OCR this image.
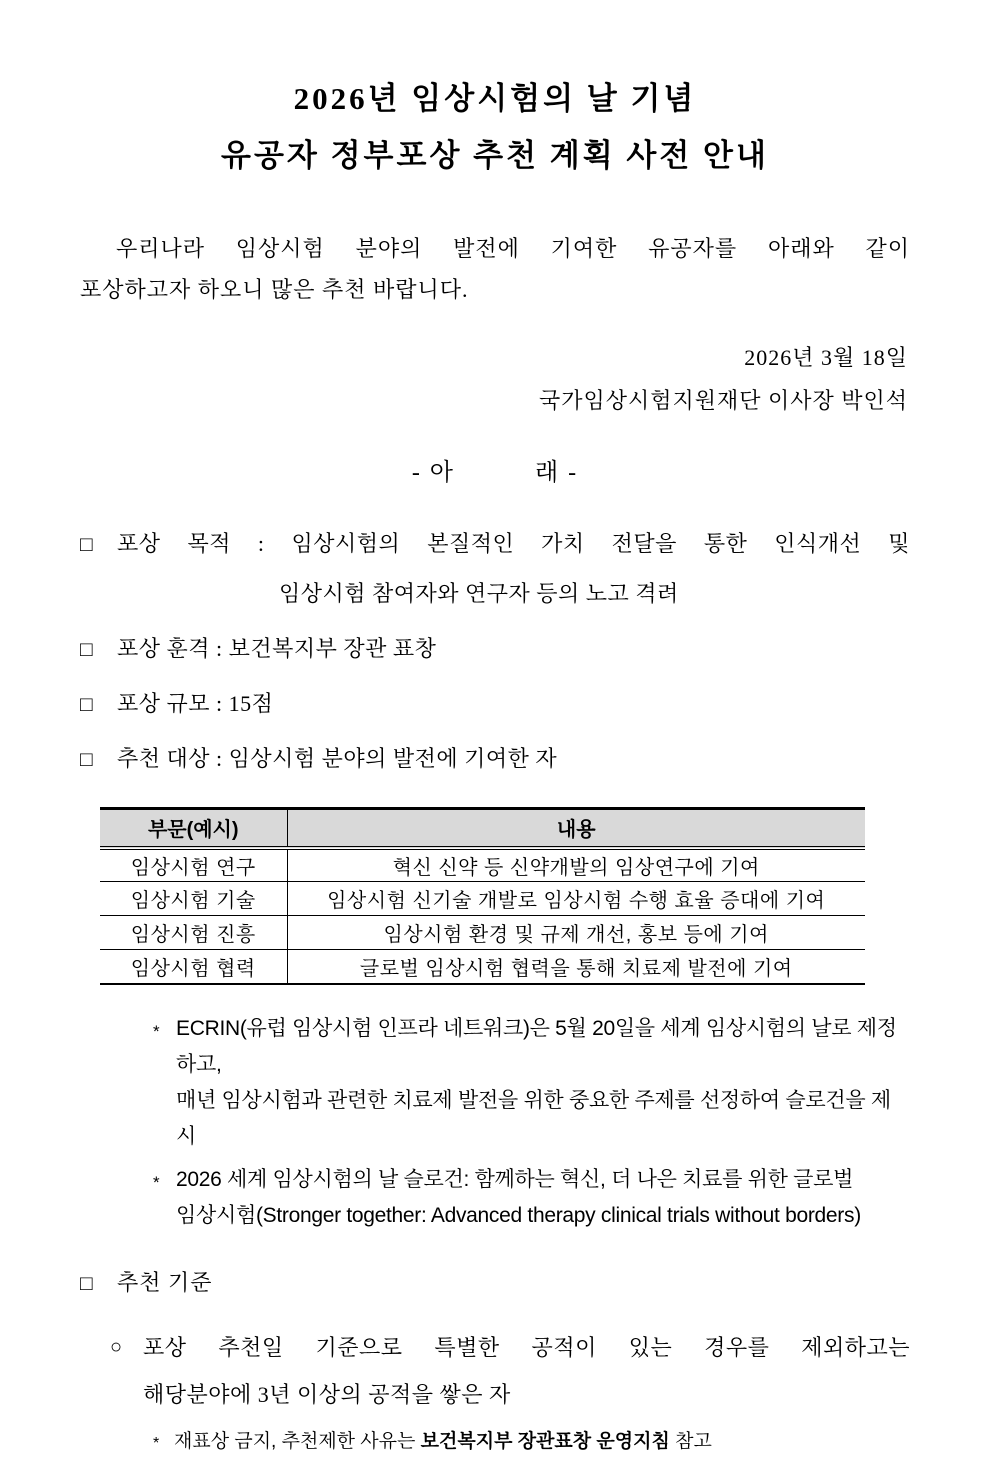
2026년 임상시험의 날 기념
유공자 정부포상 추천 계획 사전 안내
우리나라 임상시험 분야의 발전에 기여한 유공자를 아래와 같이
포상하고자 하오니 많은 추천 바랍니다.
2026년 3월 18일
국가임상시험지원재단 이사장 박인석
- 아          래 -
□	포상 목적 : 임상시험의 본질적인 가치 전달을 통한 인식개선 및
임상시험 참여자와 연구자 등의 노고 격려
□	포상 훈격 : 보건복지부 장관 표창
□	포상 규모 : 15점
□	추천 대상 : 임상시험 분야의 발전에 기여한 자
부문(예시)	내용
임상시험 연구	혁신 신약 등 신약개발의 임상연구에 기여
임상시험 기술	임상시험 신기술 개발로 임상시험 수행 효율 증대에 기여
임상시험 진흥	임상시험 환경 및 규제 개선, 홍보 등에 기여
임상시험 협력	글로벌 임상시험 협력을 통해 치료제 발전에 기여
* ECRIN(유럽 임상시험 인프라 네트워크)은 5월 20일을 세계 임상시험의 날로 제정하고,
매년 임상시험과 관련한 치료제 발전을 위한 중요한 주제를 선정하여 슬로건을 제시
* 2026 세계 임상시험의 날 슬로건: 함께하는 혁신, 더 나은 치료를 위한 글로벌
임상시험(Stronger together: Advanced therapy clinical trials without borders)
□	추천 기준
○ 포상 추천일 기준으로 특별한 공적이 있는 경우를 제외하고는
해당분야에 3년 이상의 공적을 쌓은 자
* 재표상 금지, 추천제한 사유는 보건복지부 장관표창 운영지침 참고
